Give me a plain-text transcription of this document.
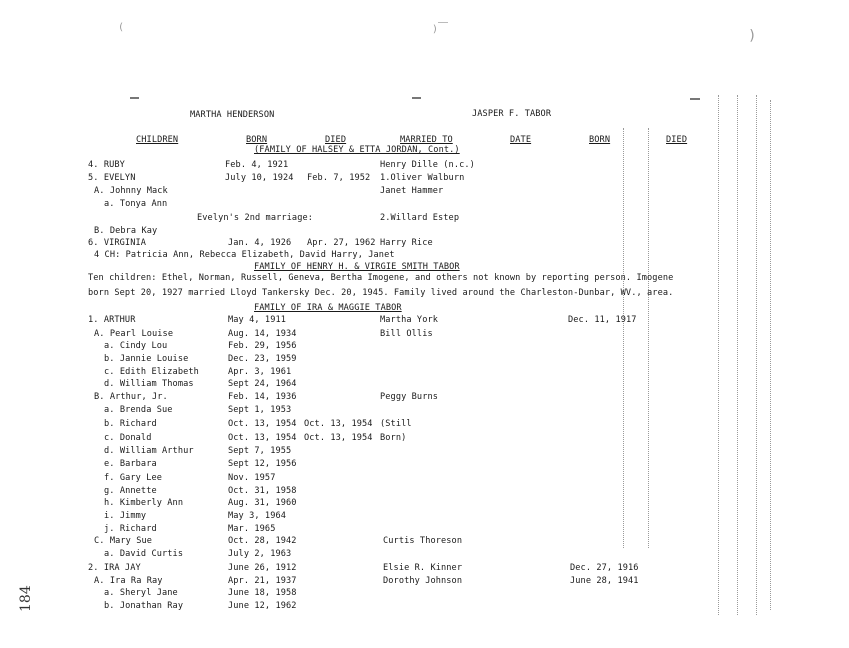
(	)	)
MARTHA HENDERSON	JASPER F. TABOR
CHILDREN	BORN	DIED	MARRIED TO	DATE	BORN	DIED
(FAMILY OF HALSEY & ETTA JORDAN, Cont.)
4. RUBY	Feb. 4, 1921	Henry Dille (n.c.)
5. EVELYN	July 10, 1924 Feb. 7, 1952 1.Oliver Walburn
A. Johnny Mack	Janet Hammer
a. Tonya Ann
Evelyn's 2nd marriage:	2.Willard Estep
B. Debra Kay
6. VIRGINIA	Jan. 4, 1926 Apr. 27, 1962 Harry Rice
4 CH: Patricia Ann, Rebecca Elizabeth, David Harry, Janet
FAMILY OF HENRY H. & VIRGIE SMITH TABOR
Ten children: Ethel, Norman, Russell, Geneva, Bertha Imogene, and others not known by reporting person. Imogene
born Sept 20, 1927 married Lloyd Tankersky Dec. 20, 1945. Family lived around the Charleston-Dunbar, WV., area.
FAMILY OF IRA & MAGGIE TABOR
1. ARTHUR	May 4, 1911	Martha York	Dec. 11, 1917
A. Pearl Louise	Aug. 14, 1934	Bill Ollis
a. Cindy Lou	Feb. 29, 1956
b. Jannie Louise	Dec. 23, 1959
c. Edith Elizabeth	Apr. 3, 1961
d. William Thomas	Sept 24, 1964
B. Arthur, Jr.	Feb. 14, 1936	Peggy Burns
a. Brenda Sue	Sept 1, 1953
b. Richard	Oct. 13, 1954 Oct. 13, 1954 (Still
c. Donald	Oct. 13, 1954 Oct. 13, 1954 Born)
d. William Arthur	Sept 7, 1955
e. Barbara	Sept 12, 1956
f. Gary Lee	Nov. 1957
g. Annette	Oct. 31, 1958
h. Kimberly Ann	Aug. 31, 1960
i. Jimmy	May 3, 1964
j. Richard	Mar. 1965
C. Mary Sue	Oct. 28, 1942	Curtis Thoreson
a. David Curtis	July 2, 1963
2. IRA JAY	June 26, 1912	Elsie R. Kinner	Dec. 27, 1916
A. Ira Ra Ray	Apr. 21, 1937	Dorothy Johnson	June 28, 1941
a. Sheryl Jane	June 18, 1958
b. Jonathan Ray	June 12, 1962
184
